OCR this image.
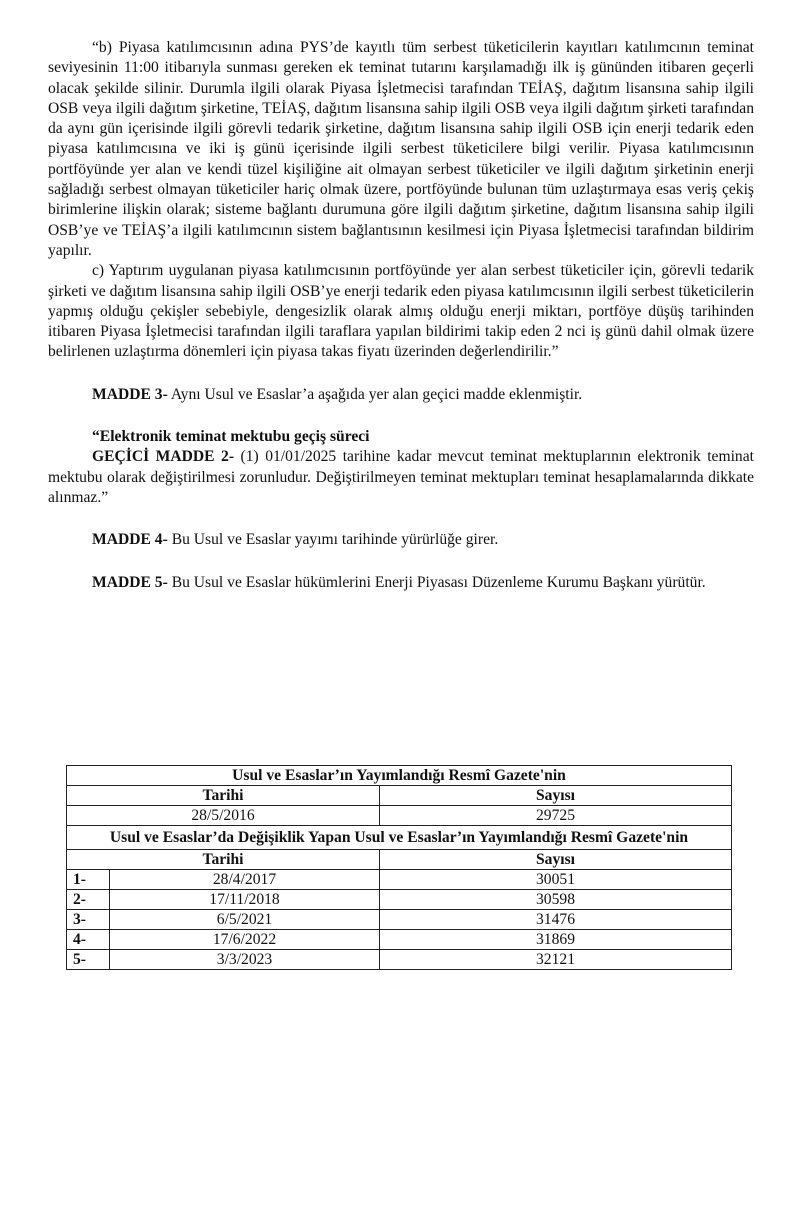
“b) Piyasa katılımcısının adına PYS’de kayıtlı tüm serbest tüketicilerin kayıtları katılımcının teminat seviyesinin 11:00 itibarıyla sunması gereken ek teminat tutarını karşılamadığı ilk iş gününden itibaren geçerli olacak şekilde silinir. Durumla ilgili olarak Piyasa İşletmecisi tarafından TEİAŞ, dağıtım lisansına sahip ilgili OSB veya ilgili dağıtım şirketine, TEİAŞ, dağıtım lisansına sahip ilgili OSB veya ilgili dağıtım şirketi tarafından da aynı gün içerisinde ilgili görevli tedarik şirketine, dağıtım lisansına sahip ilgili OSB için enerji tedarik eden piyasa katılımcısına ve iki iş günü içerisinde ilgili serbest tüketicilere bilgi verilir. Piyasa katılımcısının portföyünde yer alan ve kendi tüzel kişiliğine ait olmayan serbest tüketiciler ve ilgili dağıtım şirketinin enerji sağladığı serbest olmayan tüketiciler hariç olmak üzere, portföyünde bulunan tüm uzlaştırmaya esas veriş çekiş birimlerine ilişkin olarak; sisteme bağlantı durumuna göre ilgili dağıtım şirketine, dağıtım lisansına sahip ilgili OSB’ye ve TEİAŞ’a ilgili katılımcının sistem bağlantısının kesilmesi için Piyasa İşletmecisi tarafından bildirim yapılır.

c) Yaptırım uygulanan piyasa katılımcısının portföyünde yer alan serbest tüketiciler için, görevli tedarik şirketi ve dağıtım lisansına sahip ilgili OSB’ye enerji tedarik eden piyasa katılımcısının ilgili serbest tüketicilerin yapmış olduğu çekişler sebebiyle, dengesizlik olarak almış olduğu enerji miktarı, portföye düşüş tarihinden itibaren Piyasa İşletmecisi tarafından ilgili taraflara yapılan bildirimi takip eden 2 nci iş günü dahil olmak üzere belirlenen uzlaştırma dönemleri için piyasa takas fiyatı üzerinden değerlendirilir.”

MADDE 3- Aynı Usul ve Esaslar’a aşağıda yer alan geçici madde eklenmiştir.

“Elektronik teminat mektubu geçiş süreci

GEÇİCİ MADDE 2- (1) 01/01/2025 tarihine kadar mevcut teminat mektuplarının elektronik teminat mektubu olarak değiştirilmesi zorunludur. Değiştirilmeyen teminat mektupları teminat hesaplamalarında dikkate alınmaz.”

MADDE 4- Bu Usul ve Esaslar yayımı tarihinde yürürlüğe girer.

MADDE 5- Bu Usul ve Esaslar hükümlerini Enerji Piyasası Düzenleme Kurumu Başkanı yürütür.

Usul ve Esaslar’ın Yayımlandığı Resmî Gazete'nin		
Tarihi		Sayısı
28/5/2016		29725
Usul ve Esaslar’da Değişiklik Yapan Usul ve Esaslar’ın Yayımlandığı Resmî Gazete'nin		
Tarihi		Sayısı
1-	28/4/2017	30051
2-	17/11/2018	30598
3-	6/5/2021	31476
4-	17/6/2022	31869
5-	3/3/2023	32121
